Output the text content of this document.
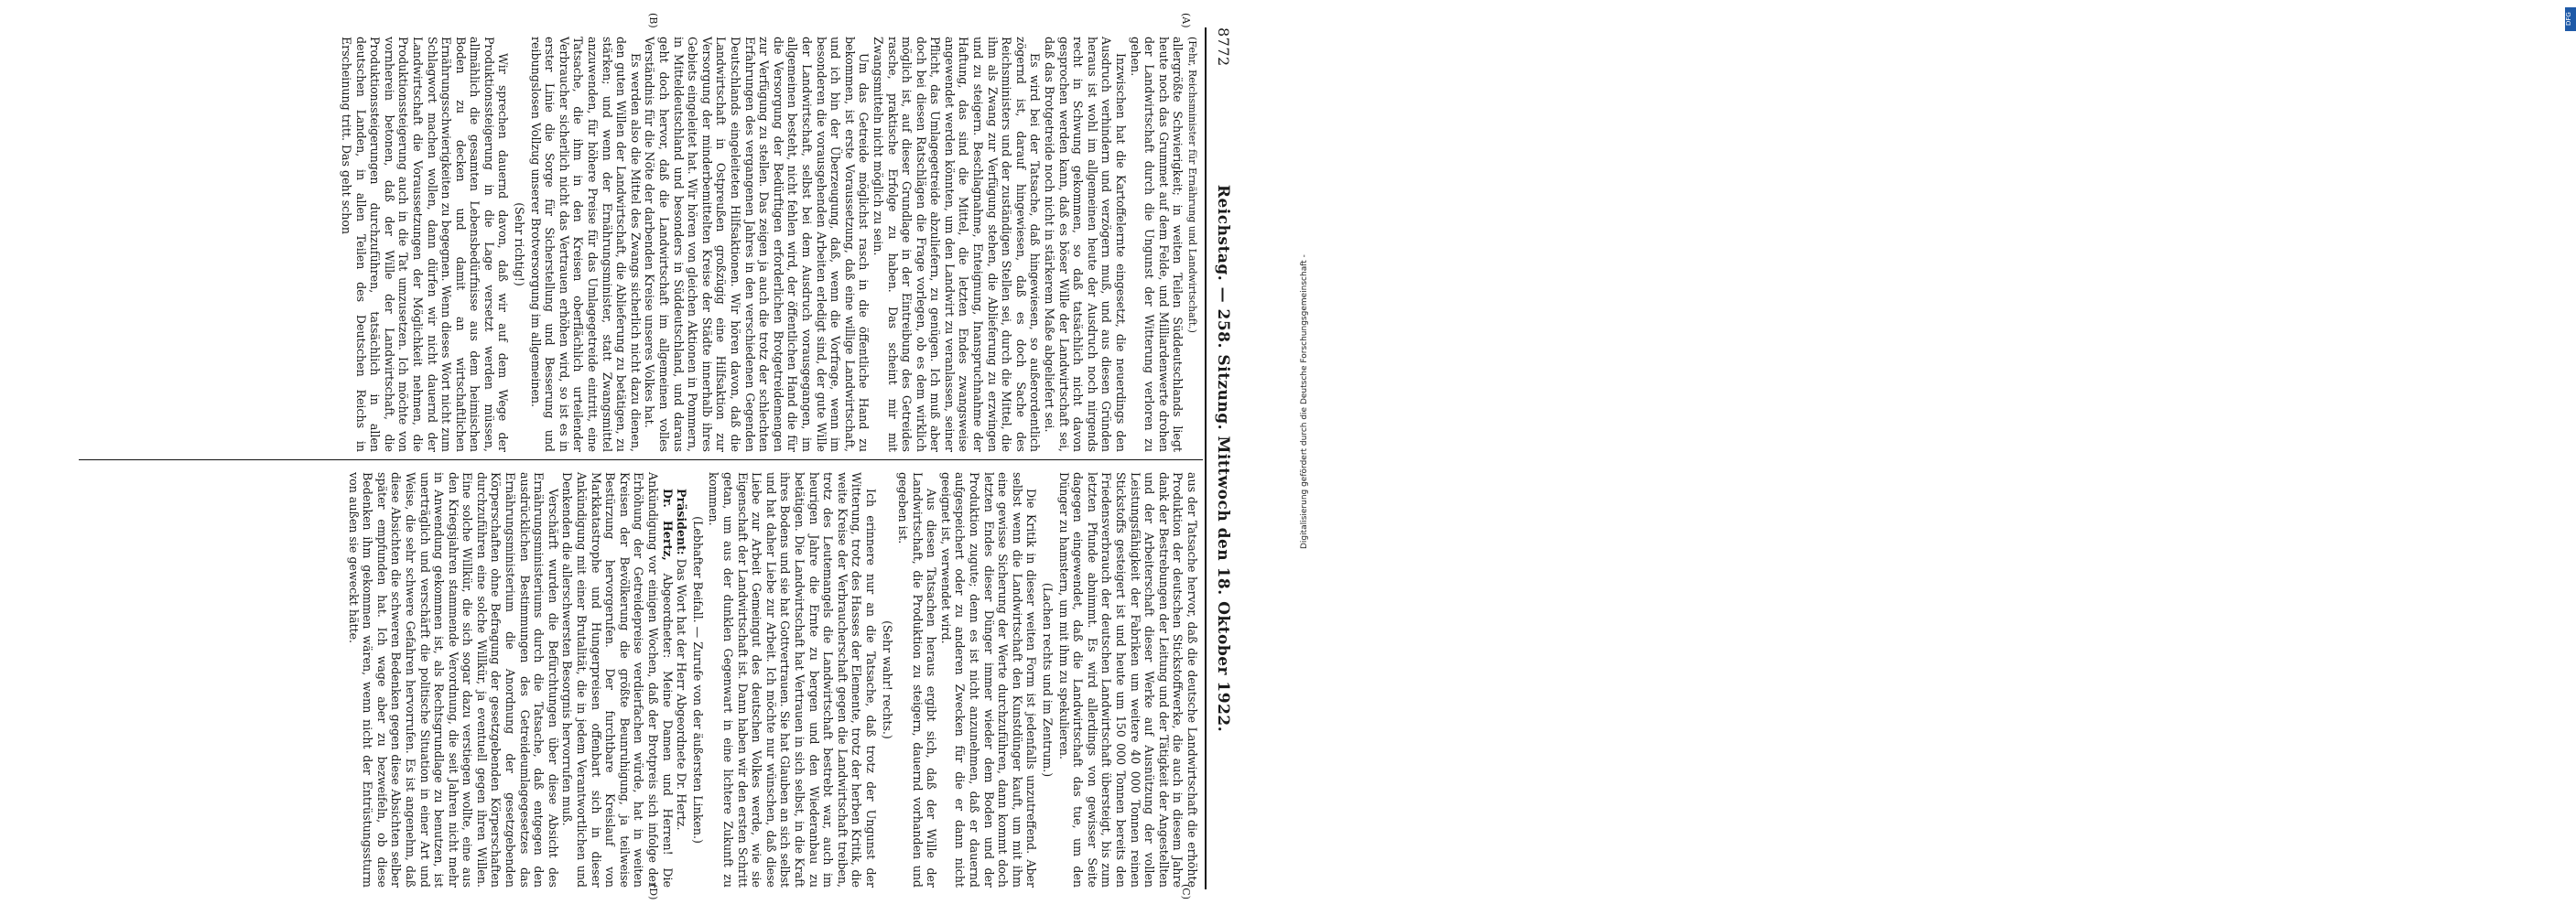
8772
Reichstag. — 258. Sitzung. Mittwoch den 18. Oktober 1922.
(A)
(B)
(C)
(D)

(Fehr, Reichsminister für Ernährung und Landwirtschaft.)

allergrößte Schwierigkeit; in weiten Teilen Süddeutschlands liegt heute noch das Grummet auf dem Felde, und Milliardenwerte drohen der Landwirtschaft durch die Ungunst der Witterung verloren zu gehen.

Inzwischen hat die Kartoffelernte eingesetzt, die neuerdings den Ausdruch verhindern und verzögern muß, und aus diesen Gründen heraus ist wohl im allgemeinen heute der Ausdruch noch nirgends recht in Schwung gekommen, so daß tatsächlich nicht davon gesprochen werden kann, daß es böser Wille der Landwirtschaft sei, daß das Brotgetreide noch nicht in stärkerem Maße abgeliefert sei.

Es wird bei der Tatsache, daß hingewiesen, so außerordentlich zögernd ist, darauf hingewiesen, daß es doch Sache des Reichsministers und der zuständigen Stellen sei, durch die Mittel, die ihm als Zwang zur Verfügung stehen, die Ablieferung zu erzwingen und zu steigern. Beschlagnahme, Enteignung, Inanspruchnahme der Haftung, das sind die Mittel, die letzten Endes zwangsweise angewendet werden könnten, um den Landwirt zu veranlassen, seiner Pflicht, das Umlagegetreide abzuliefern, zu genügen. Ich muß aber doch bei diesen Ratschlägen die Frage vorlegen, ob es dem wirklich möglich ist, auf dieser Grundlage in der Eintreibung des Getreides rasche, praktische Erfolge zu haben. Das scheint mir mit Zwangsmitteln nicht möglich zu sein.

Um das Getreide möglichst rasch in die öffentliche Hand zu bekommen, ist erste Voraussetzung, daß eine willige Landwirtschaft, und ich bin der Überzeugung, daß, wenn die Vorfrage, wenn im besonderen die vorausgehenden Arbeiten erledigt sind, der gute Wille der Landwirtschaft, selbst bei dem Ausdruch vorausgegangen, im allgemeinen besteht, nicht fehlen wird, der öffentlichen Hand die für die Versorgung der Bedürftigen erforderlichen Brotgetreidemengen zur Verfügung zu stellen. Das zeigen ja auch die trotz der schlechten Erfahrungen des vergangenen Jahres in den verschiedenen Gegenden Deutschlands eingeleiteten Hilfsaktionen. Wir hören davon, daß die Landwirtschaft in Ostpreußen großzügig eine Hilfsaktion zur Versorgung der minderbemittelten Kreise der Städte innerhalb ihres Gebiets eingeleitet hat. Wir hören von gleichen Aktionen in Pommern, in Mitteldeutschland und besonders in Süddeutschland, und daraus geht doch hervor, daß die Landwirtschaft im allgemeinen volles Verständnis für die Nöte der darbenden Kreise unseres Volkes hat.

Es werden also die Mittel des Zwangs sicherlich nicht dazu dienen, den guten Willen der Landwirtschaft, die Ablieferung zu betätigen, zu stärken; und wenn der Ernährungsminister, statt Zwangsmittel anzuwenden, für höhere Preise für das Umlagegetreide eintritt, eine Tatsache, die ihm in den Kreisen oberflächlich urteilender Verbraucher sicherlich nicht das Vertrauen erhöhen wird, so ist es in erster Linie die Sorge für Sicherstellung und Besserung und reibungslosen Vollzug unserer Brotversorgung im allgemeinen.

(Sehr richtig!)

Wir sprechen dauernd davon, daß wir auf dem Wege der Produktionssteigerung in die Lage versetzt werden müssen, allmählich die gesamten Lebensbedürfnisse aus dem heimischen Boden zu decken und damit an wirtschaftlichen Ernährungsschwierigkeiten zu begegnen. Wenn dieses Wort nicht zum Schlagwort machen wollen, dann dürfen wir nicht dauernd der Landwirtschaft die Voraussetzungen der Möglichkeit nehmen, die Produktionssteigerung auch in die Tat umzusetzen. Ich möchte von vornherein betonen, daß der Wille der Landwirtschaft, die Produktionssteigerungen durchzuführen, tatsächlich in allen deutschen Landen, in allen Teilen des Deutschen Reichs in Erscheinung tritt. Das geht schon

aus der Tatsache hervor, daß die deutsche Landwirtschaft die erhöhte Produktion der deutschen Stickstoffwerke, die auch in diesem Jahre dank der Bestrebungen der Leitung und der Tätigkeit der Angestellten und der Arbeiterschaft dieser Werke auf Ausnützung der vollen Leistungsfähigkeit der Fabriken um weitere 40 000 Tonnen reinen Stickstoffs gesteigert ist und heute um 150 000 Tonnen bereits den Friedensverbrauch der deutschen Landwirtschaft übersteigt, bis zum letzten Pfunde abnimmt. Es wird allerdings von gewisser Seite dagegen eingewendet, daß die Landwirtschaft das tue, um den Dünger zu hamstern, um mit ihm zu spekulieren.

(Lachen rechts und im Zentrum.)

Die Kritik in dieser weiten Form ist jedenfalls unzutreffend. Aber selbst wenn die Landwirtschaft den Kunstdünger kauft, um mit ihm eine gewisse Sicherung der Werte durchzuführen, dann kommt doch letzten Endes dieser Dünger immer wieder dem Boden und der Produktion zugute; denn es ist nicht anzunehmen, daß er dauernd aufgespeichert oder zu anderen Zwecken für die er dann nicht geeignet ist, verwendet wird.

Aus diesen Tatsachen heraus ergibt sich, daß der Wille der Landwirtschaft, die Produktion zu steigern, dauernd vorhanden und gegeben ist.

(Sehr wahr! rechts.)

Ich erinnere nur an die Tatsache, daß trotz der Ungunst der Witterung, trotz des Hasses der Elemente, trotz der herben Kritik, die weite Kreise der Verbraucherschaft gegen die Landwirtschaft treiben, trotz des Leutemangels die Landwirtschaft bestrebt war, auch im heurigen Jahre die Ernte zu bergen und den Wiederanbau zu betätigen. Die Landwirtschaft hat Vertrauen in sich selbst, in die Kraft ihres Bodens und sie hat Gottvertrauen. Sie hat Glauben an sich selbst und hat daher Liebe zur Arbeit. Ich möchte nur wünschen, daß diese Liebe zur Arbeit Gemeingut des deutschen Volkes werde, wie sie Eigenschaft der Landwirtschaft ist. Dann haben wir den ersten Schritt getan, um aus der dunklen Gegenwart in eine lichtere Zukunft zu kommen.

(Lebhafter Beifall. — Zurufe von der äußersten Linken.)

Präsident: Das Wort hat der Herr Abgeordnete Dr. Hertz.

Dr. Hertz, Abgeordneter: Meine Damen und Herren! Die Ankündigung vor einigen Wochen, daß der Brotpreis sich infolge der Erhöhung der Getreidepreise verdierfachen würde, hat in weiten Kreisen der Bevölkerung die größte Beunruhigung, ja teilweise Bestürzung hervorgerufen. Der furchtbare Kreislauf von Markkatastrophe und Hungerpreisen offenbart sich in dieser Ankündigung mit einer Brutalität, die in jedem Verantwortlichen und Denkenden die allerschwersten Besorgnis hervorrufen muß.

Verschärft wurden die Befürchtungen über diese Absicht des Ernährungsministeriums durch die Tatsache, daß entgegen den ausdrücklichen Bestimmungen des Getreideumlagegesetzes das Ernährungsministerium die Anordnung der gesetzgebenden Körperschaften ohne Befragung der gesetzgebenden Körperschaften durchzuführen eine solche Willkür, ja eventuell gegen ihren Willen. Eine solche Willkür, die sich sogar dazu verstiegen wollte, eine aus den Kriegsjahren stammende Verordnung, die seit Jahren nicht mehr in Anwendung gekommen ist, als Rechtsgrundlage zu benutzen, ist unerträglich und verschärft die politische Situation in einer Art und Weise, die sehr schwere Gefahren hervorrufen. Es ist angenehm, daß diese Absichten die schweren Bedenken gegen diese Absichten selber später empfunden hat. Ich wage aber zu bezweifeln, ob diese Bedenken ihm gekommen wären, wenn nicht der Entrüstungssturm von außen sie geweckt hätte.

DFG
Digitalisierung gefördert durch die Deutsche Forschungsgemeinschaft -
